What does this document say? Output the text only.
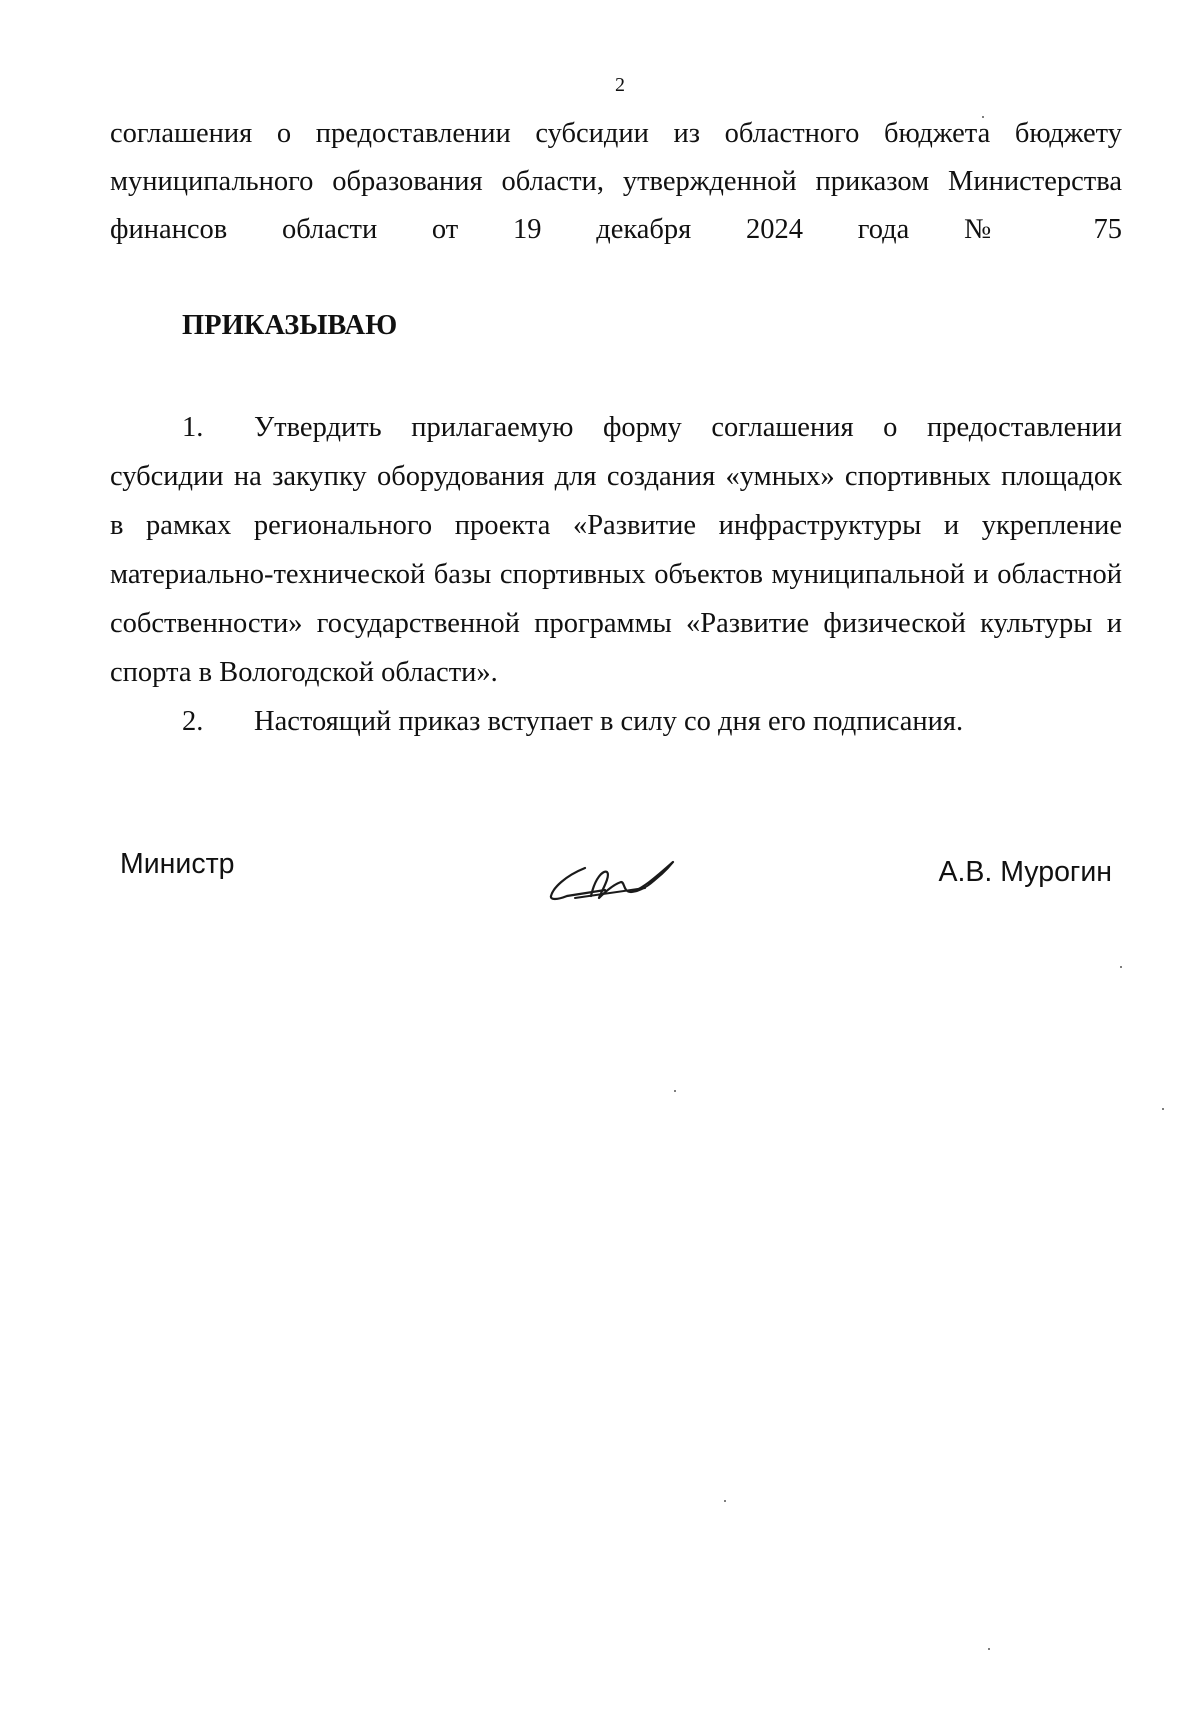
2
соглашения о предоставлении субсидии из областного бюджета бюджету
муниципального образования области, утвержденной приказом Министерства
финансов области от 19 декабря 2024 года № 75
ПРИКАЗЫВАЮ
1. Утвердить прилагаемую форму соглашения о предоставлении
субсидии на закупку оборудования для создания «умных» спортивных площадок
в рамках регионального проекта «Развитие инфраструктуры и укрепление
материально-технической базы спортивных объектов муниципальной и областной
собственности» государственной программы «Развитие физической культуры и
спорта в Вологодской области».
2. Настоящий приказ вступает в силу со дня его подписания.
Министр	А.В. Мурогин
